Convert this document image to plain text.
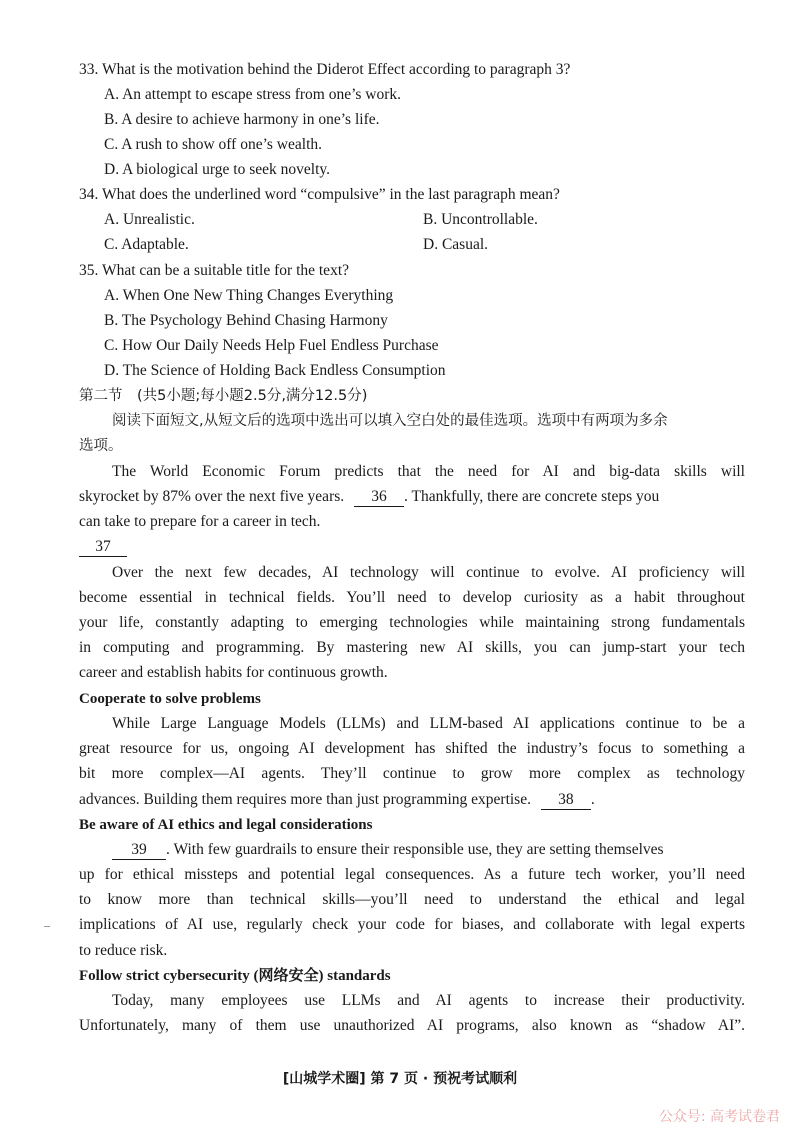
33. What is the motivation behind the Diderot Effect according to paragraph 3?
A. An attempt to escape stress from one’s work.
B. A desire to achieve harmony in one’s life.
C. A rush to show off one’s wealth.
D. A biological urge to seek novelty.
34. What does the underlined word “compulsive” in the last paragraph mean?
A. Unrealistic.	B. Uncontrollable.
C. Adaptable.	D. Casual.
35. What can be a suitable title for the text?
A. When One New Thing Changes Everything
B. The Psychology Behind Chasing Harmony
C. How Our Daily Needs Help Fuel Endless Purchase
D. The Science of Holding Back Endless Consumption
第二节　(共5小题;每小题2.5分,满分12.5分)
阅读下面短文,从短文后的选项中选出可以填入空白处的最佳选项。选项中有两项为多余
选项。
The World Economic Forum predicts that the need for AI and big-data skills will
skyrocket by 87% over the next five years. 36 . Thankfully, there are concrete steps you
can take to prepare for a career in tech.
37
Over the next few decades, AI technology will continue to evolve. AI proficiency will
become essential in technical fields. You’ll need to develop curiosity as a habit throughout
your life, constantly adapting to emerging technologies while maintaining strong fundamentals
in computing and programming. By mastering new AI skills, you can jump-start your tech
career and establish habits for continuous growth.
Cooperate to solve problems
While Large Language Models (LLMs) and LLM-based AI applications continue to be a
great resource for us, ongoing AI development has shifted the industry’s focus to something a
bit more complex—AI agents. They’ll continue to grow more complex as technology
advances. Building them requires more than just programming expertise. 38 .
Be aware of AI ethics and legal considerations
39 . With few guardrails to ensure their responsible use, they are setting themselves
up for ethical missteps and potential legal consequences. As a future tech worker, you’ll need
to know more than technical skills—you’ll need to understand the ethical and legal
implications of AI use, regularly check your code for biases, and collaborate with legal experts
to reduce risk.
Follow strict cybersecurity (网络安全) standards
Today, many employees use LLMs and AI agents to increase their productivity.
Unfortunately, many of them use unauthorized AI programs, also known as “shadow AI”.
[山城学术圈] 第 7 页 · 预祝考试顺利
公众号: 高考试卷君
